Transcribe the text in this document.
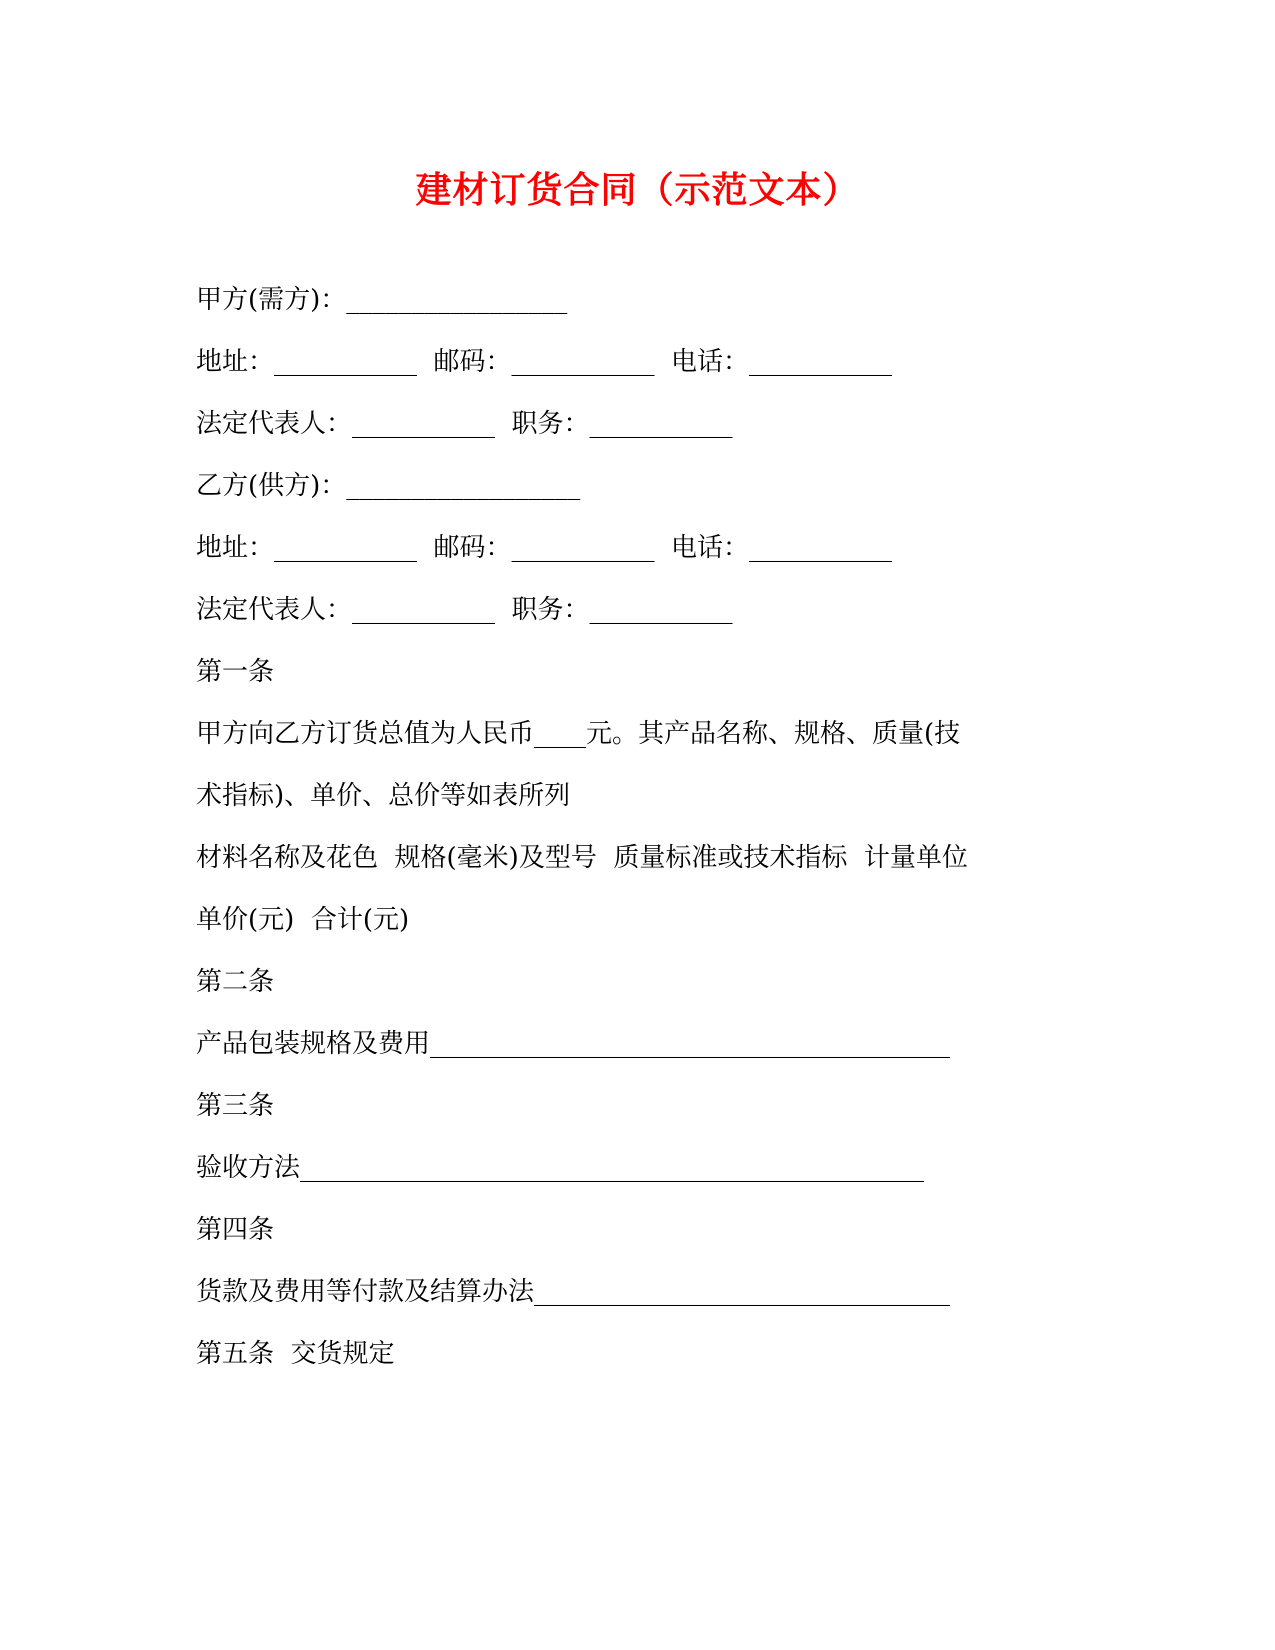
建材订货合同（示范文本）
甲方(需方)：_________________
地址：___________  邮码：___________  电话：___________
法定代表人：___________  职务：___________
乙方(供方)：__________________
地址：___________  邮码：___________  电话：___________
法定代表人：___________  职务：___________
第一条
甲方向乙方订货总值为人民币____元。其产品名称、规格、质量(技
术指标)、单价、总价等如表所列
材料名称及花色  规格(毫米)及型号  质量标准或技术指标  计量单位
单价(元)  合计(元)
第二条
产品包装规格及费用________________________________________
第三条
验收方法________________________________________________
第四条
货款及费用等付款及结算办法________________________________
第五条  交货规定
